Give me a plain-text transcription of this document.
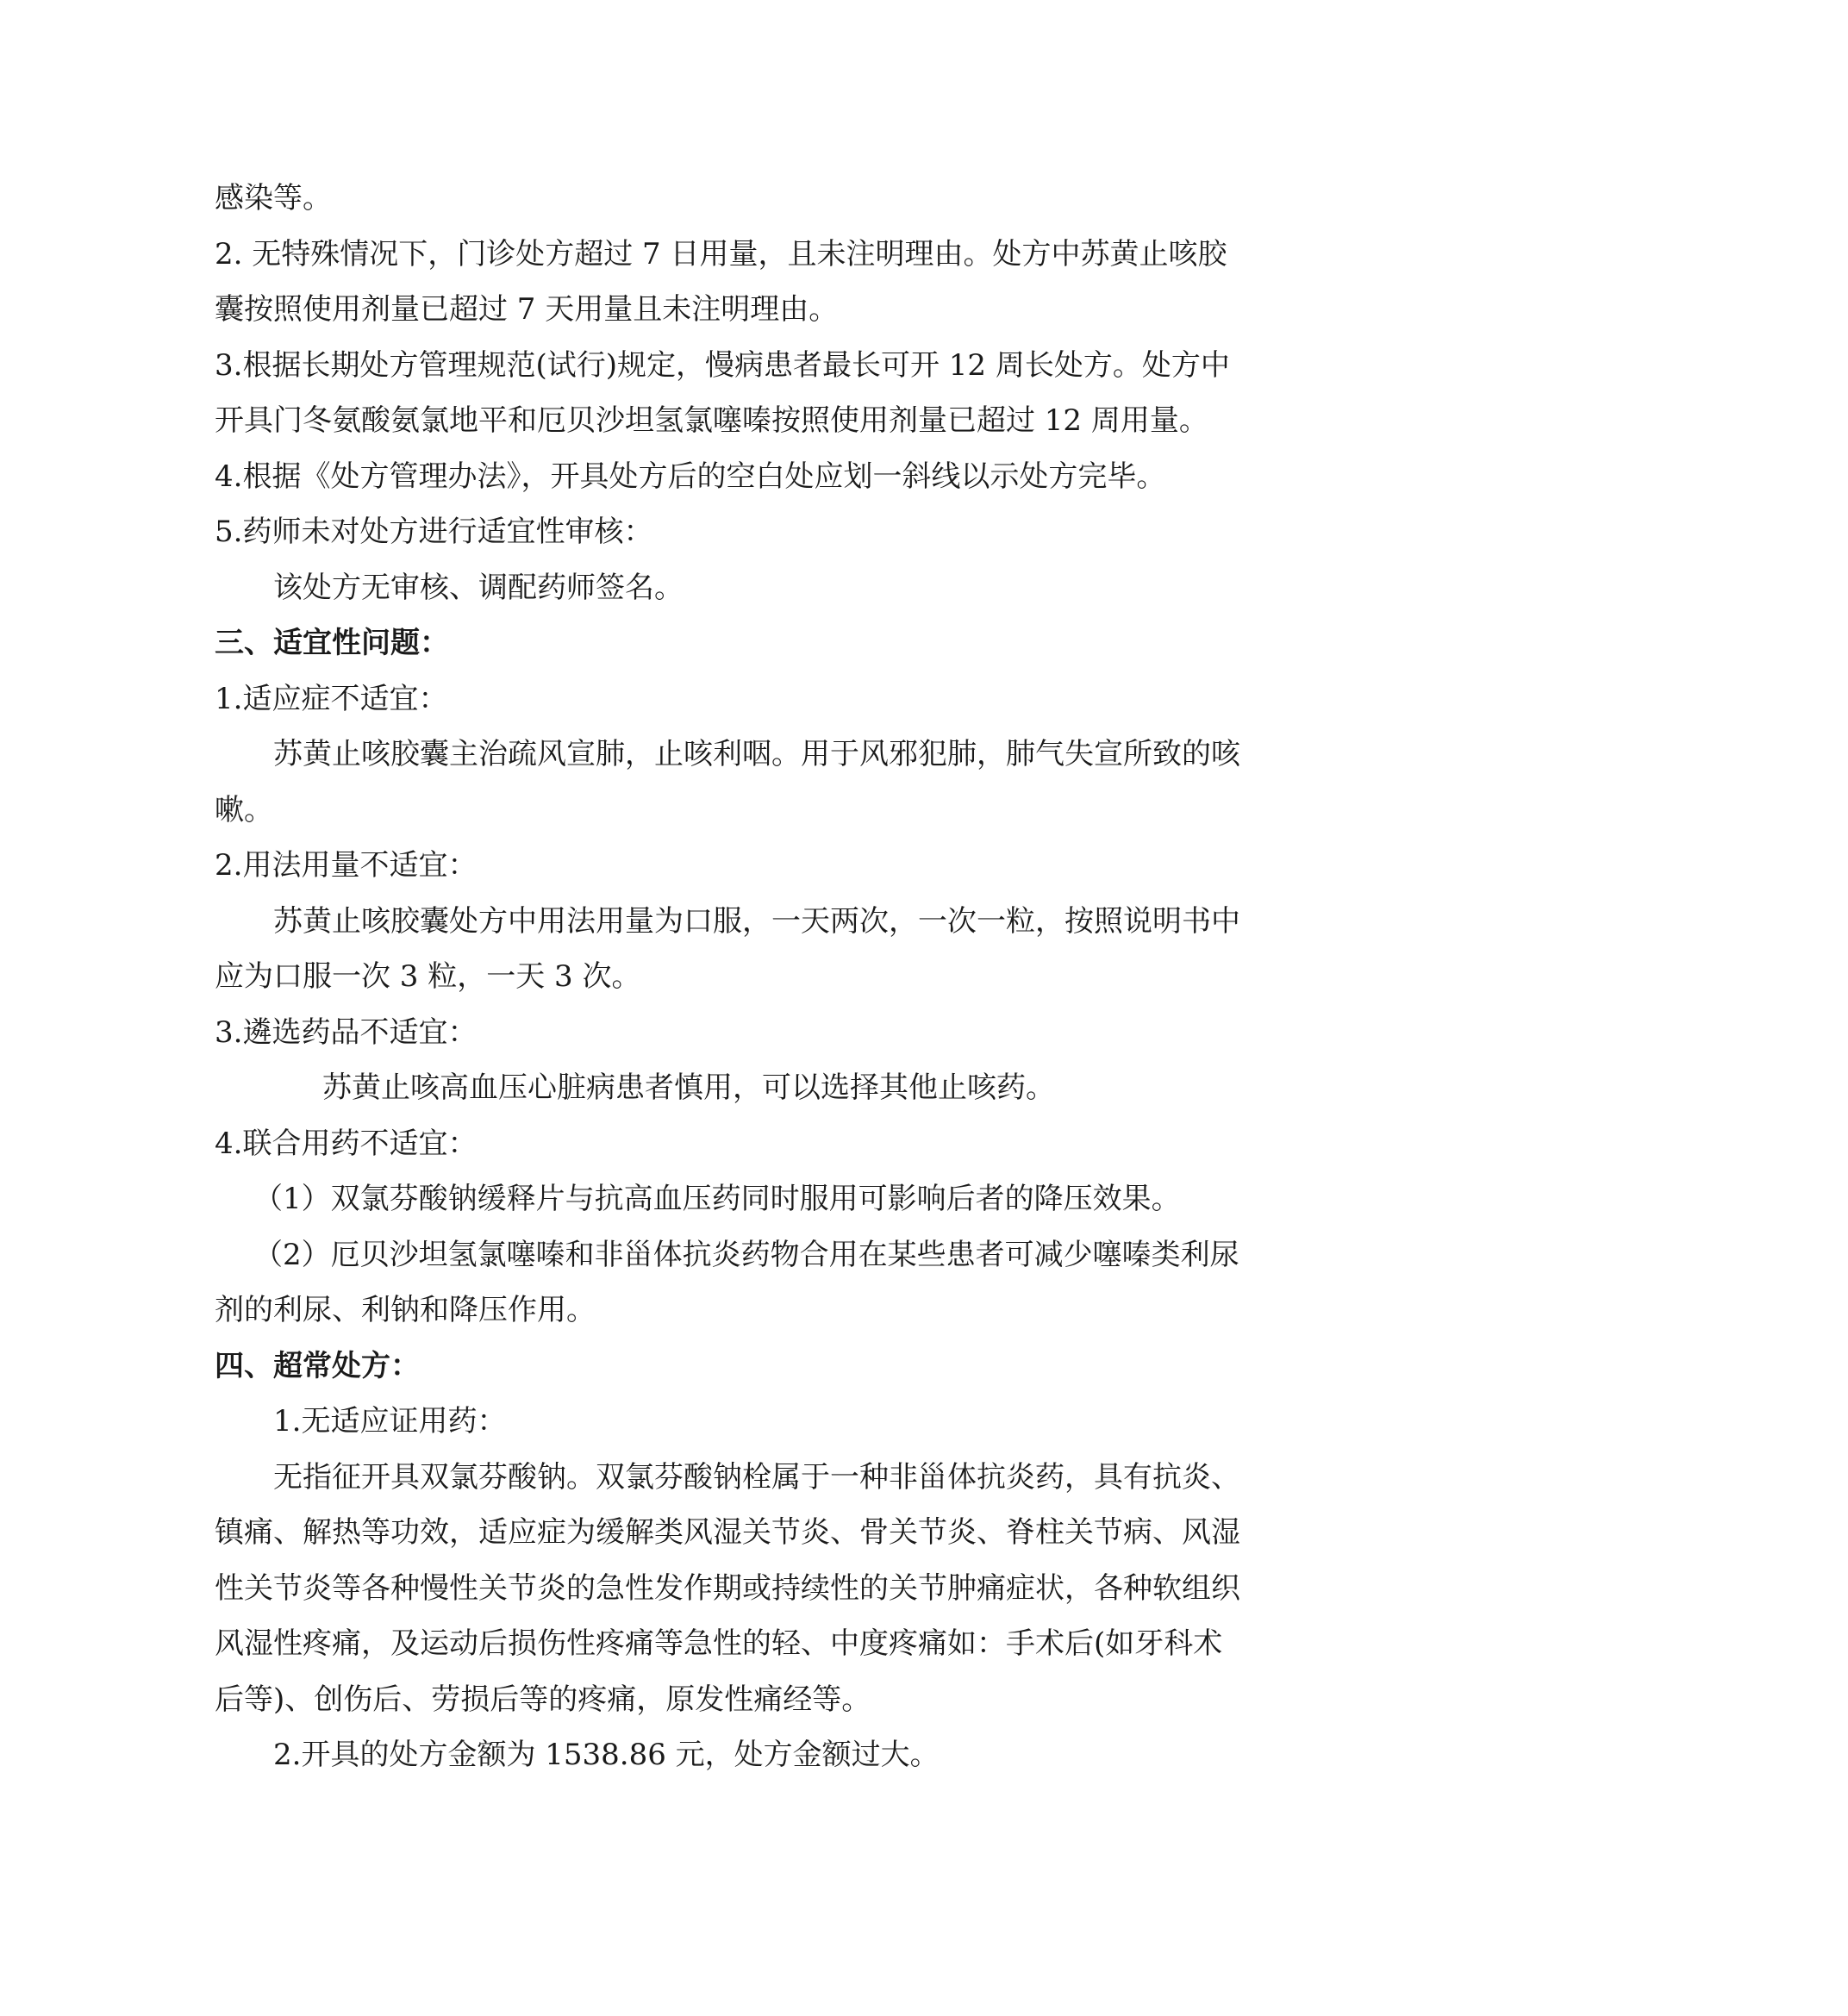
感染等。
2. 无特殊情况下，门诊处方超过 7 日用量，且未注明理由。处方中苏黄止咳胶
囊按照使用剂量已超过 7 天用量且未注明理由。
3.根据长期处方管理规范(试行)规定，慢病患者最长可开 12 周长处方。处方中
开具门冬氨酸氨氯地平和厄贝沙坦氢氯噻嗪按照使用剂量已超过 12 周用量。
4.根据《处方管理办法》，开具处方后的空白处应划一斜线以示处方完毕。
5.药师未对处方进行适宜性审核：
该处方无审核、调配药师签名。
三、适宜性问题：
1.适应症不适宜：
苏黄止咳胶囊主治疏风宣肺，止咳利咽。用于风邪犯肺，肺气失宣所致的咳
嗽。
2.用法用量不适宜：
苏黄止咳胶囊处方中用法用量为口服，一天两次，一次一粒，按照说明书中
应为口服一次 3 粒，一天 3 次。
3.遴选药品不适宜：
苏黄止咳高血压心脏病患者慎用，可以选择其他止咳药。
4.联合用药不适宜：
（1）双氯芬酸钠缓释片与抗高血压药同时服用可影响后者的降压效果。
（2）厄贝沙坦氢氯噻嗪和非甾体抗炎药物合用在某些患者可减少噻嗪类利尿
剂的利尿、利钠和降压作用。
四、超常处方：
1.无适应证用药：
无指征开具双氯芬酸钠。双氯芬酸钠栓属于一种非甾体抗炎药，具有抗炎、
镇痛、解热等功效，适应症为缓解类风湿关节炎、骨关节炎、脊柱关节病、风湿
性关节炎等各种慢性关节炎的急性发作期或持续性的关节肿痛症状，各种软组织
风湿性疼痛，及运动后损伤性疼痛等急性的轻、中度疼痛如：手术后(如牙科术
后等)、创伤后、劳损后等的疼痛，原发性痛经等。
2.开具的处方金额为 1538.86 元，处方金额过大。
